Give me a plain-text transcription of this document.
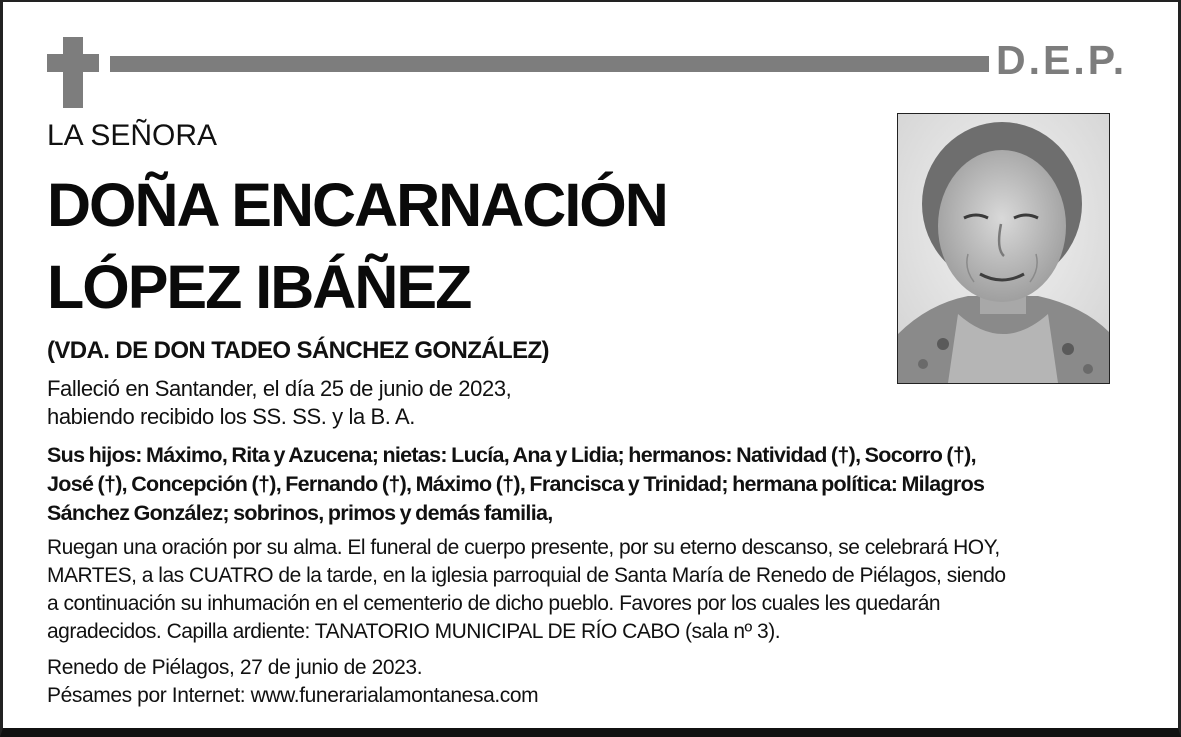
D.E.P.
LA SEÑORA
DOÑA ENCARNACIÓN
LÓPEZ IBÁÑEZ
(VDA. DE DON TADEO SÁNCHEZ GONZÁLEZ)
Falleció en Santander, el día 25 de junio de 2023,
habiendo recibido los SS. SS. y la B. A.
Sus hijos: Máximo, Rita y Azucena; nietas: Lucía, Ana y Lidia; hermanos: Natividad (†), Socorro (†),
José (†), Concepción (†), Fernando (†), Máximo (†), Francisca y Trinidad; hermana política: Milagros
Sánchez González; sobrinos, primos y demás familia,
Ruegan una oración por su alma. El funeral de cuerpo presente, por su eterno descanso, se celebrará HOY,
MARTES, a las CUATRO de la tarde, en la iglesia parroquial de Santa María de Renedo de Piélagos, siendo
a continuación su inhumación en el cementerio de dicho pueblo. Favores por los cuales les quedarán
agradecidos. Capilla ardiente: TANATORIO MUNICIPAL DE RÍO CABO (sala nº 3).
Renedo de Piélagos, 27 de junio de 2023.
Pésames por Internet: www.funerarialamontanesa.com
